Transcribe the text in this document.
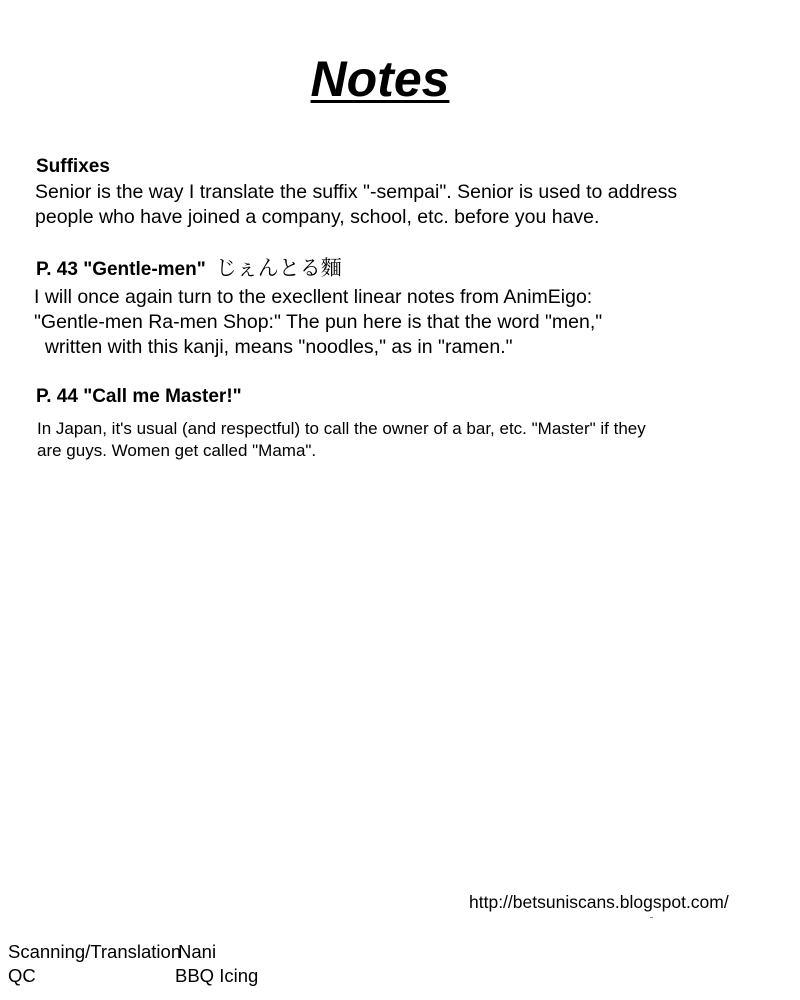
Notes
Suffixes
Senior is the way I translate the suffix "-sempai". Senior is used to address
people who have joined a company, school, etc. before you have.
P. 43 "Gentle-men" じぇんとる麵
I will once again turn to the execllent linear notes from AnimEigo:
"Gentle-men Ra-men Shop:" The pun here is that the word "men,"
written with this kanji, means "noodles," as in "ramen."
P. 44 "Call me Master!"
In Japan, it's usual (and respectful) to call the owner of a bar, etc. "Master" if they
are guys. Women get called "Mama".
http://betsuniscans.blogspot.com/
Scanning/Translation
Nani
QC	BBQ Icing
